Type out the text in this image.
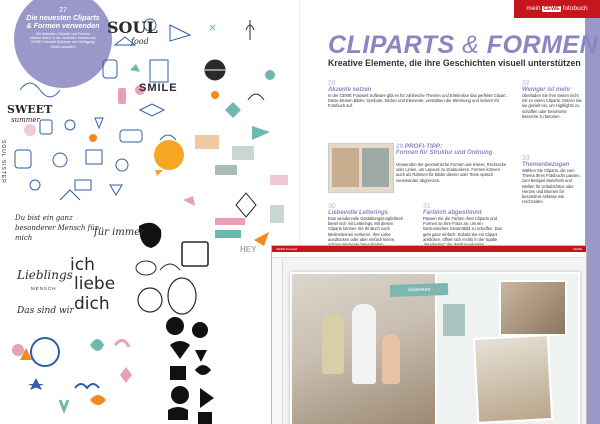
27
Die neuesten Cliparts & Formen verwenden
Die aktuellen Cliparts und Formen stehen Ihnen in der neuesten Version der CEWE Fotowelt Software zur Verfügung. Gleich updaten!
SOUL
food
SMILE
SWEET
summer
SOUL SISTER
für immer
Du bist ein ganz besonderer Mensch für mich
ich
liebe
dich
Lieblings
MENSCH
Das sind wir
HEY
mein CEWE fotobuch
CLIPARTS & FORMEN
Kreative Elemente, die ihre Geschichten visuell unterstützen
28
Akzente setzen
In der CEWE Fotowelt Software gibt es für zahlreiche Themen und Erlebnisse das perfekte Clipart. Diese kleinen Bilder, Symbole, Sticker und Elemente, verstärken die Stimmung und lockern Ihr Fotobuch auf.
29 PROFI-TIPP:
Formen für Struktur und Ordnung
Verwenden Sie geometrische Formen wie Kreise, Rechtecke oder Linien, um Layouts zu strukturieren. Formen können auch als Rahmen für Bilder dienen oder Texte optisch voneinander abgrenzen.
30
Liebevolle Letterings
Eine wundervolle Gestaltungsmöglichkeit bietet sich mit Letterings. Mit diesen Cliparts können Sie Ihr Buch nach Meilensteinen sortieren, Ihre Liebe ausdrücken oder aber einfach kleine,
31
Farblich abgestimmt
Passen Sie die Farben Ihrer Cliparts und Formen an Ihre Fotos an, um ein harmonisches Gesamtbild zu schaffen. Das geht ganz einfach: Sobald Sie ein Clipart anklicken, öffnet sich rechts in der Spalte
32
Weniger ist mehr
Überladen Sie Ihre Seiten nicht mit zu vielen Cliparts. Setzen Sie sie gezielt ein, um Highlights zu schaffen oder bestimmte Bereiche zu betonen.
33
Themenbezogen
Wählen Sie Cliparts, die zum Thema Ihres Fotobuchs passen, zum Beispiel Muscheln und Wellen für Urlaubsfotos oder Herzen und Blumen für besondere Anlässe wie Hochzeiten.
CEWE Fotowelt	CEWE
Adventure
